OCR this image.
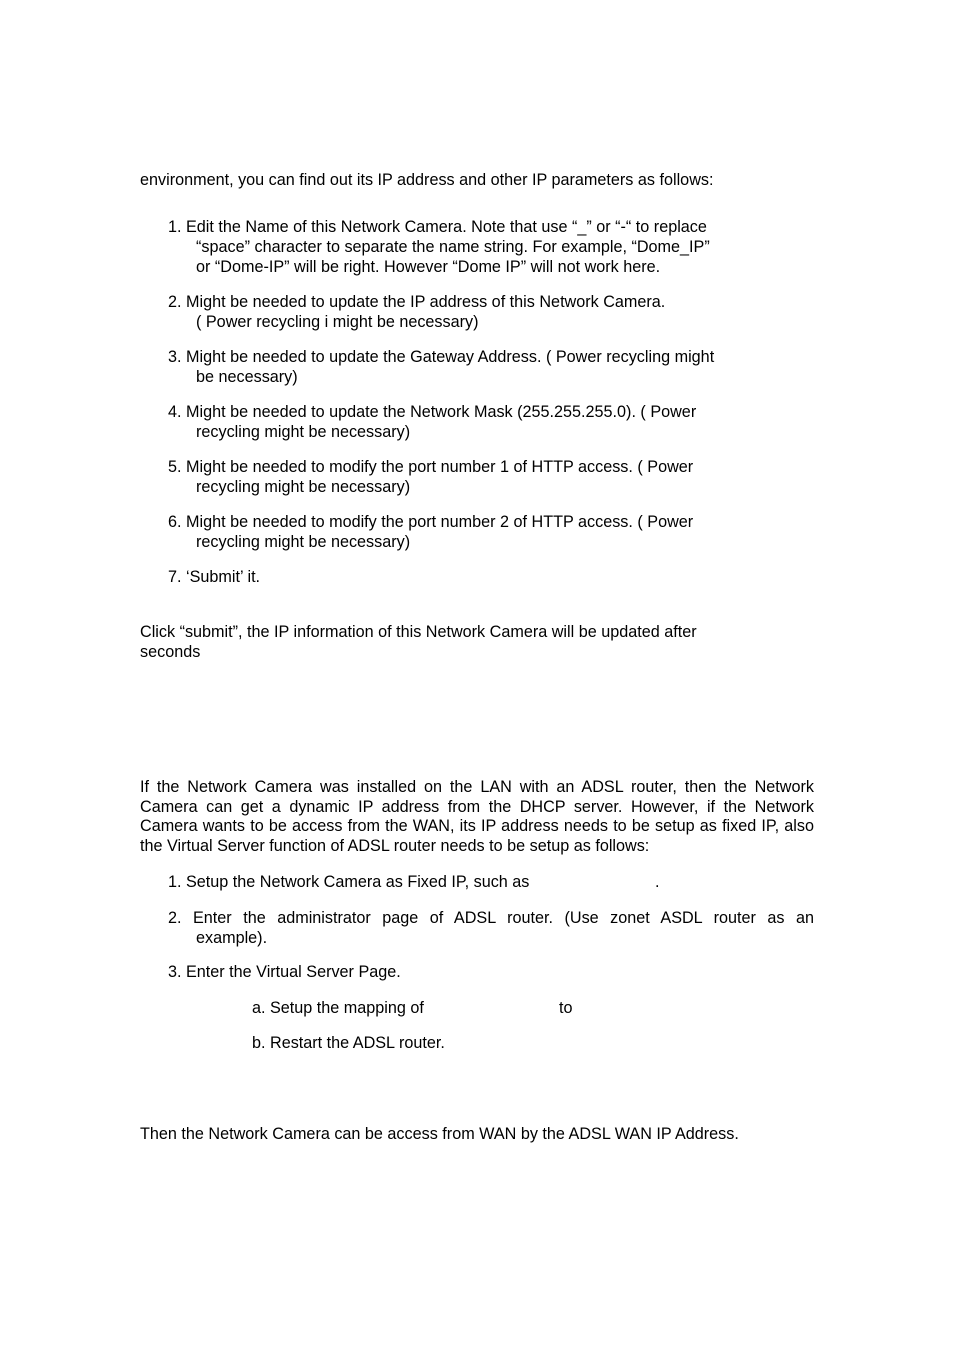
environment, you can find out its IP address and other IP parameters as follows:
1. Edit the Name of this Network Camera. Note that use “_” or “-“ to replace
“space” character to separate the name string. For example, “Dome_IP”
or “Dome-IP” will be right. However “Dome IP” will not work here.
2. Might be needed to update the IP address of this Network Camera.
( Power recycling i might be necessary)
3. Might be needed to update the Gateway Address. ( Power recycling might
be necessary)
4. Might be needed to update the Network Mask (255.255.255.0). ( Power
recycling might be necessary)
5. Might be needed to modify the port number 1 of HTTP access. ( Power
recycling might be necessary)
6. Might be needed to modify the port number 2 of HTTP access. ( Power
recycling might be necessary)
7. ‘Submit’ it.
Click “submit”, the IP information of this Network Camera will be updated after
seconds
If the Network Camera was installed on the LAN with an ADSL router, then the Network Camera can get a dynamic IP address from the DHCP server. However, if the Network Camera wants to be access from the WAN, its IP address needs to be setup as fixed IP, also the Virtual Server function of ADSL router needs to be setup as follows:
1. Setup the Network Camera as Fixed IP, such as	.
2. Enter the administrator page of ADSL router. (Use zonet ASDL router as an
example).
3. Enter the Virtual Server Page.
a. Setup the mapping of	to
b. Restart the ADSL router.
Then the Network Camera can be access from WAN by the ADSL WAN IP Address.
